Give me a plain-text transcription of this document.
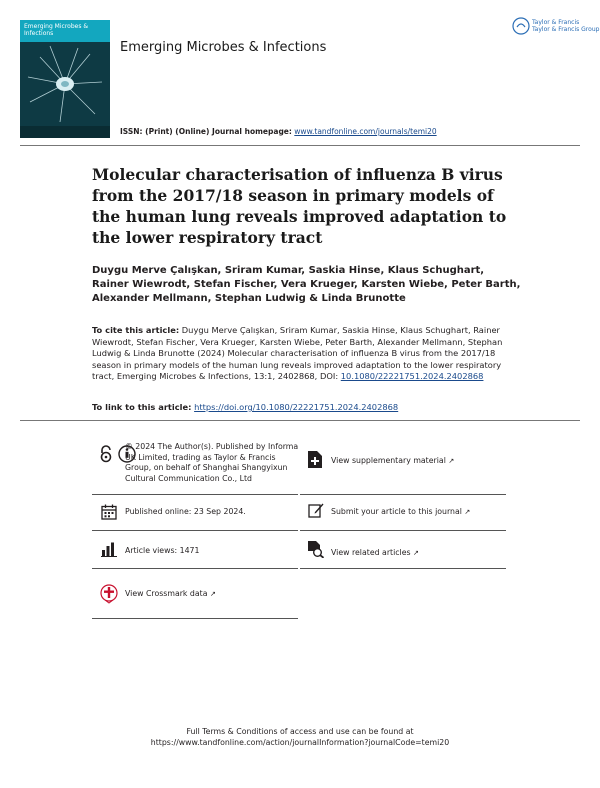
Emerging Microbes & Infections
Emerging Microbes & Infections
Taylor & Francis
Taylor & Francis Group
ISSN: (Print) (Online) Journal homepage: www.tandfonline.com/journals/temi20
Molecular characterisation of influenza B virus from the 2017/18 season in primary models of the human lung reveals improved adaptation to the lower respiratory tract
Duygu Merve Çalışkan, Sriram Kumar, Saskia Hinse, Klaus Schughart, Rainer Wiewrodt, Stefan Fischer, Vera Krueger, Karsten Wiebe, Peter Barth, Alexander Mellmann, Stephan Ludwig & Linda Brunotte
To cite this article: Duygu Merve Çalışkan, Sriram Kumar, Saskia Hinse, Klaus Schughart, Rainer Wiewrodt, Stefan Fischer, Vera Krueger, Karsten Wiebe, Peter Barth, Alexander Mellmann, Stephan Ludwig & Linda Brunotte (2024) Molecular characterisation of influenza B virus from the 2017/18 season in primary models of the human lung reveals improved adaptation to the lower respiratory tract, Emerging Microbes & Infections, 13:1, 2402868, DOI: 10.1080/22221751.2024.2402868
To link to this article: https://doi.org/10.1080/22221751.2024.2402868
© 2024 The Author(s). Published by Informa UK Limited, trading as Taylor & Francis Group, on behalf of Shanghai Shangyixun Cultural Communication Co., Ltd
Published online: 23 Sep 2024.
Article views: 1471
View Crossmark data ↗
View supplementary material ↗
Submit your article to this journal ↗
View related articles ↗
Full Terms & Conditions of access and use can be found at
https://www.tandfonline.com/action/journalInformation?journalCode=temi20
